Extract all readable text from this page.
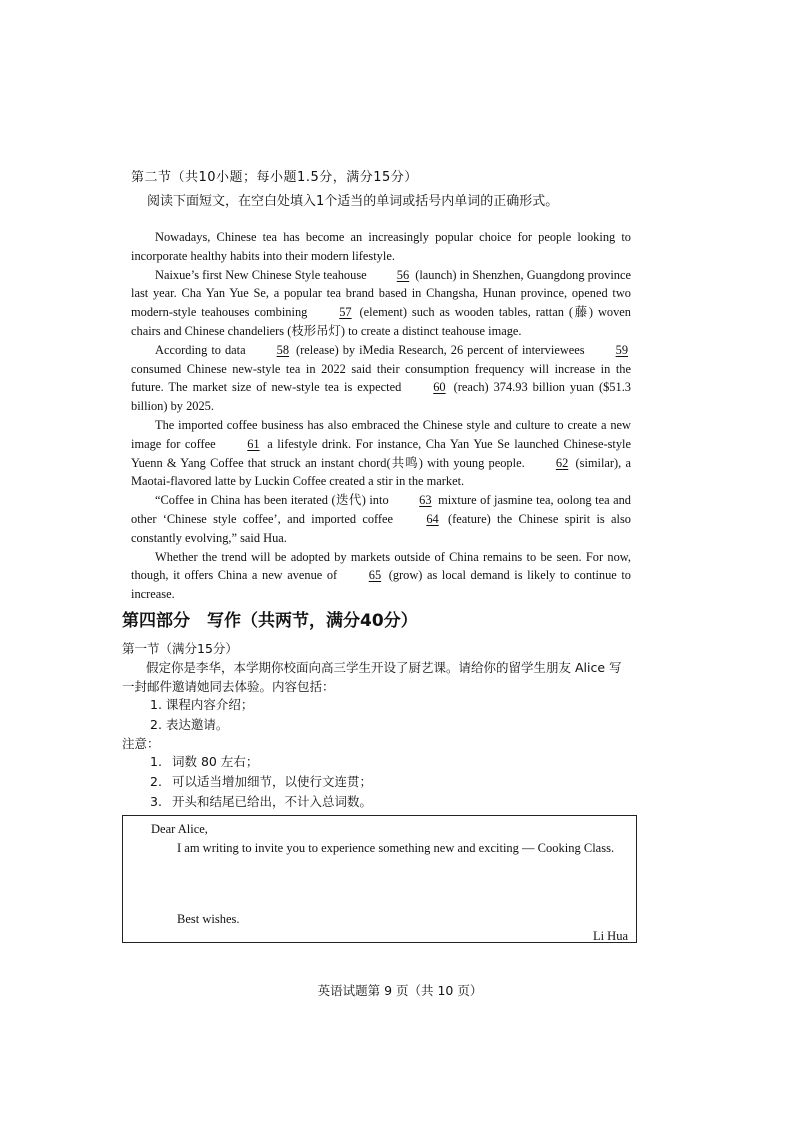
第二节（共10小题；每小题1.5分，满分15分）
阅读下面短文，在空白处填入1个适当的单词或括号内单词的正确形式。

Nowadays, Chinese tea has become an increasingly popular choice for people looking to incorporate healthy habits into their modern lifestyle.

Naixue’s first New Chinese Style teahouse 56 (launch) in Shenzhen, Guangdong province last year. Cha Yan Yue Se, a popular tea brand based in Changsha, Hunan province, opened two modern-style teahouses combining 57 (element) such as wooden tables, rattan (藤) woven chairs and Chinese chandeliers (枝形吊灯) to create a distinct teahouse image.

According to data 58 (release) by iMedia Research, 26 percent of interviewees 59 consumed Chinese new-style tea in 2022 said their consumption frequency will increase in the future. The market size of new-style tea is expected 60 (reach) 374.93 billion yuan ($51.3 billion) by 2025.

The imported coffee business has also embraced the Chinese style and culture to create a new image for coffee 61 a lifestyle drink. For instance, Cha Yan Yue Se launched Chinese-style Yuenn & Yang Coffee that struck an instant chord(共鸣) with young people. 62 (similar), a Maotai-flavored latte by Luckin Coffee created a stir in the market.

“Coffee in China has been iterated (迭代) into 63 mixture of jasmine tea, oolong tea and other ‘Chinese style coffee’, and imported coffee 64 (feature) the Chinese spirit is also constantly evolving,” said Hua.

Whether the trend will be adopted by markets outside of China remains to be seen. For now, though, it offers China a new avenue of 65 (grow) as local demand is likely to continue to increase.

第四部分　写作（共两节，满分40分）
第一节（满分15分）
假定你是李华，本学期你校面向高三学生开设了厨艺课。请给你的留学生朋友 Alice 写一封邮件邀请她同去体验。内容包括：
1. 课程内容介绍；
2. 表达邀请。
注意：
1. 词数 80 左右；
2. 可以适当增加细节，以使行文连贯；
3. 开头和结尾已给出，不计入总词数。
Dear Alice,
I am writing to invite you to experience something new and exciting — Cooking Class.
Best wishes.
Li Hua
英语试题第 9 页（共 10 页）
